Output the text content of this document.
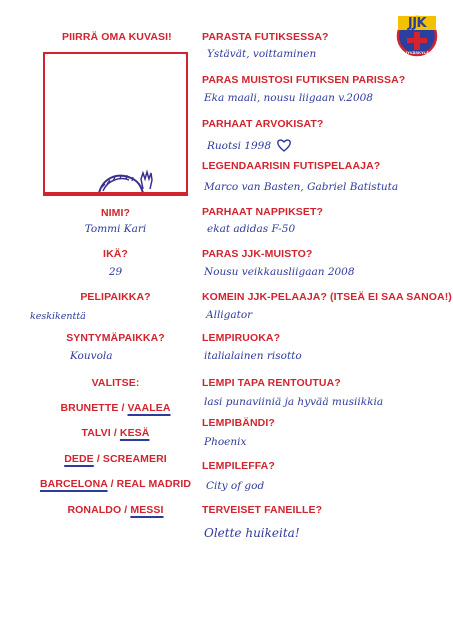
PIIRRÄ OMA KUVASI!
NIMI?
Tommi Kari
IKÄ?
29
PELIPAIKKA?
keskikenttä
SYNTYMÄPAIKKA?
Kouvola
VALITSE:
BRUNETTE / VAALEA
TALVI / KESÄ
DEDE / SCREAMERI
BARCELONA / REAL MADRID
RONALDO / MESSI
JJK
JYVÄSKYLÄ
PARASTA FUTIKSESSA?
Ystävät, voittaminen
PARAS MUISTOSI FUTIKSEN PARISSA?
Eka maali, nousu liigaan v.2008
PARHAAT ARVOKISAT?
Ruotsi 1998
LEGENDAARISIN FUTISPELAAJA?
Marco van Basten, Gabriel Batistuta
PARHAAT NAPPIKSET?
ekat adidas F-50
PARAS JJK-MUISTO?
Nousu veikkausliigaan 2008
KOMEIN JJK-PELAAJA? (ITSEÄ EI SAA SANOA!)
Alligator
LEMPIRUOKA?
italialainen risotto
LEMPI TAPA RENTOUTUA?
lasi punaviiniä ja hyvää musiikkia
LEMPIBÄNDI?
Phoenix
LEMPILEFFA?
City of god
TERVEISET FANEILLE?
Olette huikeita!
